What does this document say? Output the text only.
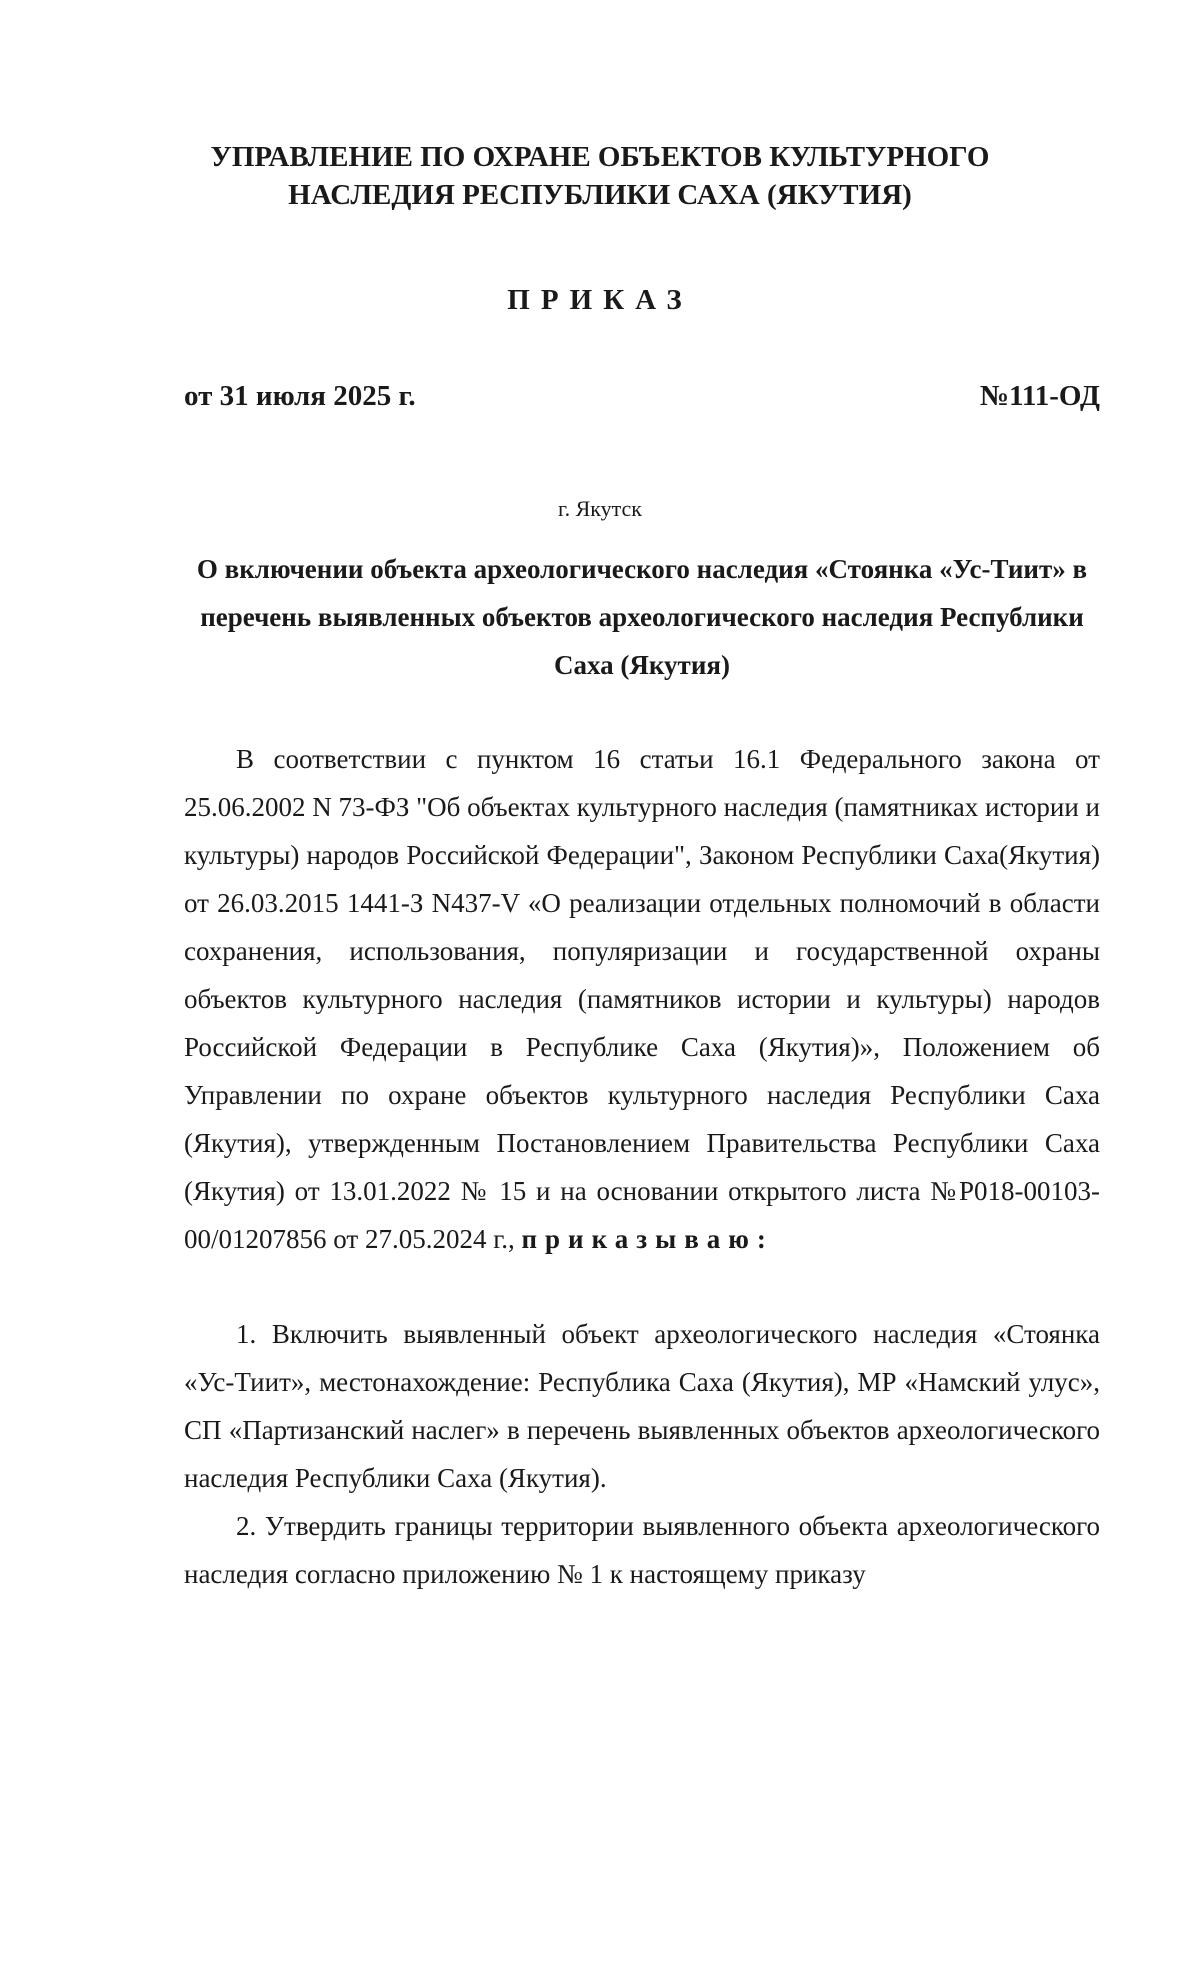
УПРАВЛЕНИЕ ПО ОХРАНЕ ОБЪЕКТОВ КУЛЬТУРНОГО
НАСЛЕДИЯ РЕСПУБЛИКИ САХА (ЯКУТИЯ)
ПРИКАЗ
от 31 июля 2025 г.	№111-ОД
г. Якутск
О включении объекта археологического наследия «Стоянка «Ус-Тиит» в перечень выявленных объектов археологического наследия Республики Саха (Якутия)
В соответствии с пунктом 16 статьи 16.1 Федерального закона от 25.06.2002 N 73-ФЗ "Об объектах культурного наследия (памятниках истории и культуры) народов Российской Федерации", Законом Республики Саха(Якутия) от 26.03.2015 1441-З N437-V «О реализации отдельных полномочий в области сохранения, использования, популяризации и государственной охраны объектов культурного наследия (памятников истории и культуры) народов Российской Федерации в Республике Саха (Якутия)», Положением об Управлении по охране объектов культурного наследия Республики Саха (Якутия), утвержденным Постановлением Правительства Республики Саха (Якутия) от 13.01.2022 № 15 и на основании открытого листа №Р018-00103-00/01207856 от 27.05.2024 г., приказываю:
1. Включить выявленный объект археологического наследия «Стоянка «Ус-Тиит», местонахождение: Республика Саха (Якутия), МР «Намский улус», СП «Партизанский наслег» в перечень выявленных объектов археологического наследия Республики Саха (Якутия).
2. Утвердить границы территории выявленного объекта археологического наследия согласно приложению № 1 к настоящему приказу
